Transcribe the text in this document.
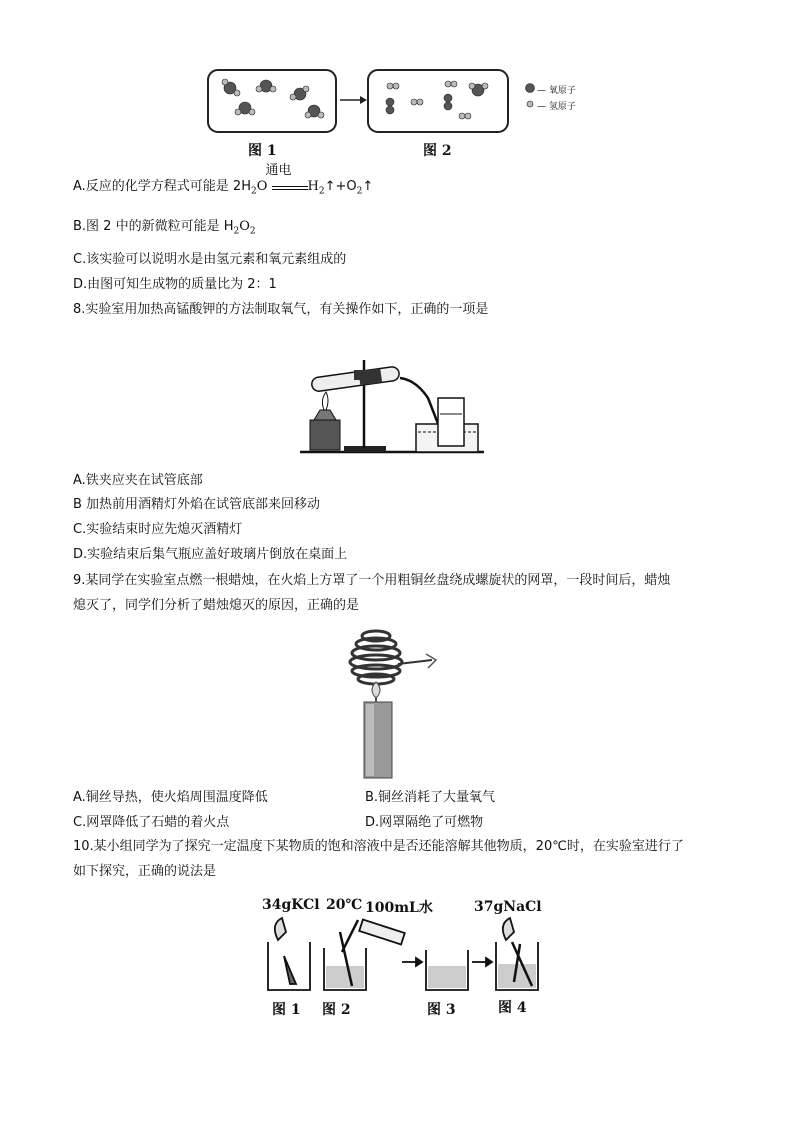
— 氧原子
— 氢原子
图 1	图 2
A.反应的化学方程式可能是 $2H_2O$
通电
$H_2↑+O_2↑$
B.图 2 中的新微粒可能是 $H_2O_2$
C.该实验可以说明水是由氢元素和氧元素组成的
D.由图可知生成物的质量比为 2：1
8.实验室用加热高锰酸钾的方法制取氧气，有关操作如下，正确的一项是
A.铁夹应夹在试管底部
B 加热前用酒精灯外焰在试管底部来回移动
C.实验结束时应先熄灭酒精灯
D.实验结束后集气瓶应盖好玻璃片倒放在桌面上
9.某同学在实验室点燃一根蜡烛，在火焰上方罩了一个用粗铜丝盘绕成螺旋状的网罩，一段时间后，蜡烛
熄灭了，同学们分析了蜡烛熄灭的原因，正确的是
A.铜丝导热，使火焰周围温度降低	B.铜丝消耗了大量氧气
C.网罩降低了石蜡的着火点	D.网罩隔绝了可燃物
10.某小组同学为了探究一定温度下某物质的饱和溶液中是否还能溶解其他物质，20℃时，在实验室进行了
如下探究，正确的说法是
34gKCl 20℃ 100mL水	37gNaCl
图 1 图 2	图 3	图 4
